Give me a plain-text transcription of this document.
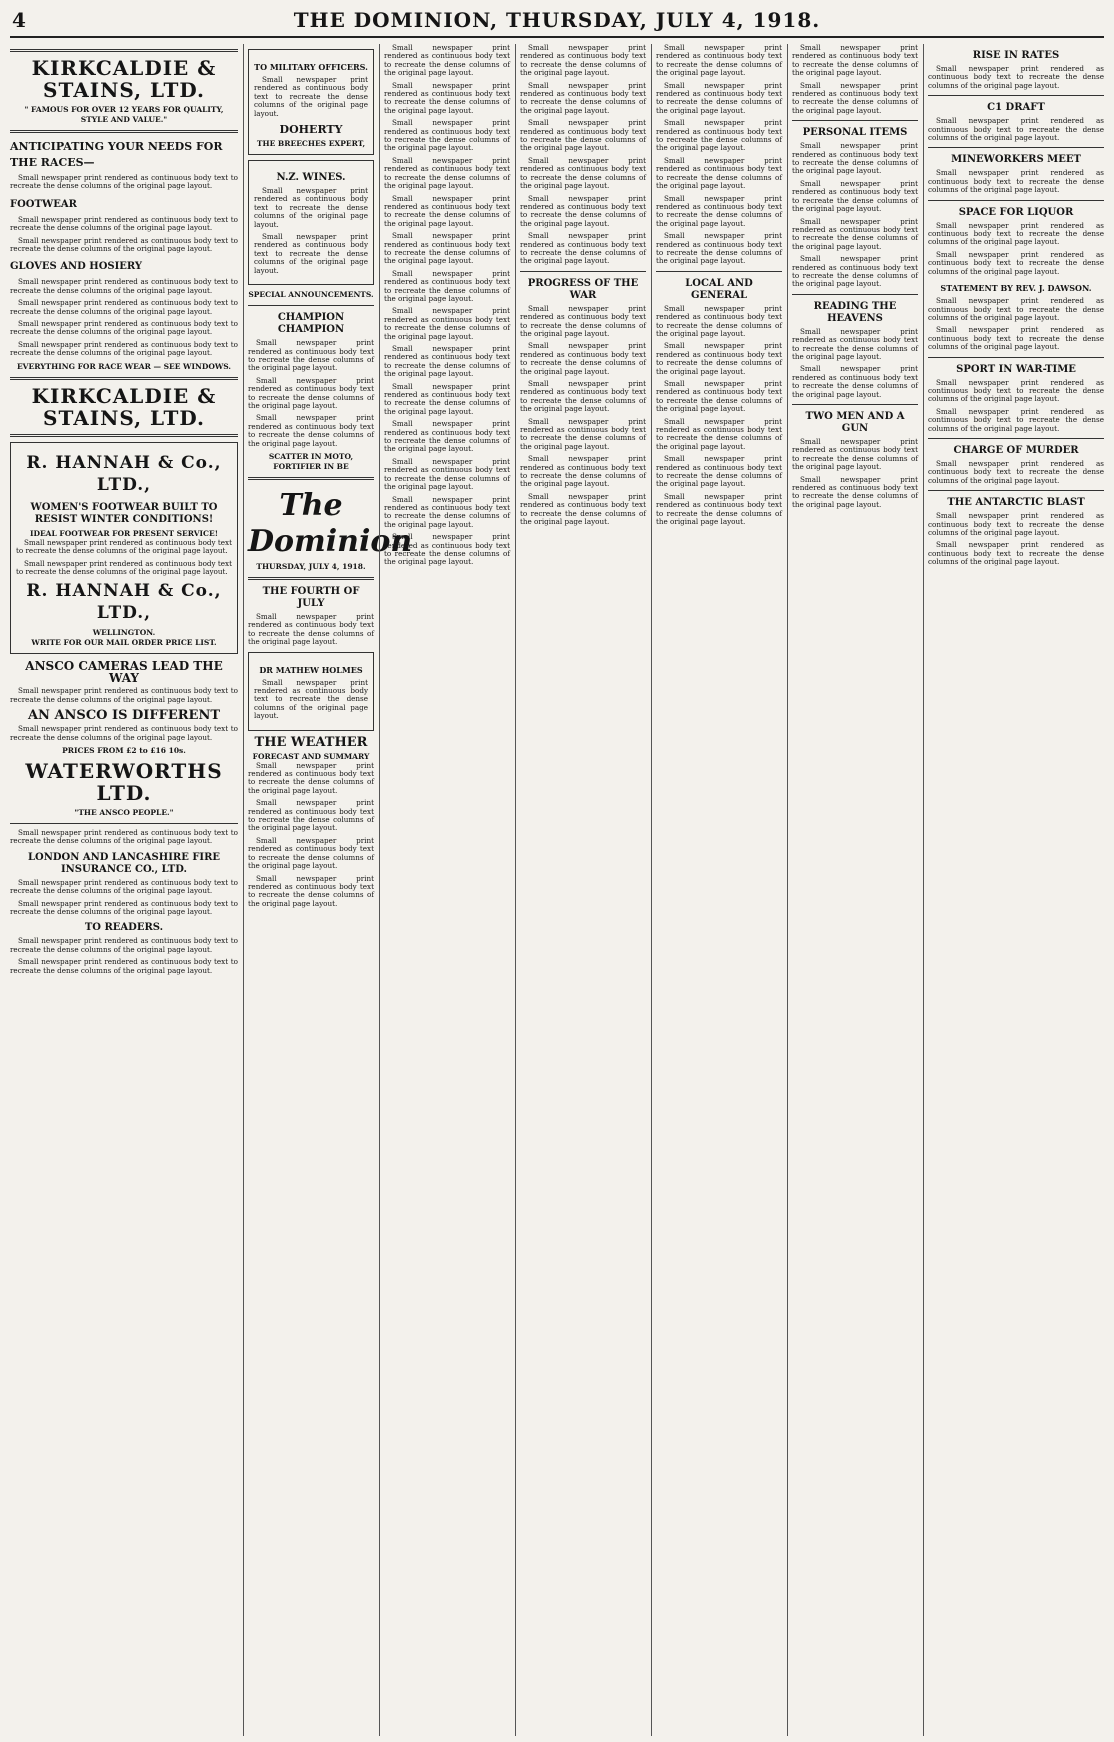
4	THE DOMINION, THURSDAY, JULY 4, 1918.
KIRKCALDIE & STAINS, LTD.
" FAMOUS FOR OVER 12 YEARS FOR QUALITY, STYLE AND VALUE."
ANTICIPATING YOUR NEEDS FOR THE RACES—

Small newspaper print rendered as continuous body text to recreate the dense columns of the original page layout.

FOOTWEAR

Small newspaper print rendered as continuous body text to recreate the dense columns of the original page layout.

Small newspaper print rendered as continuous body text to recreate the dense columns of the original page layout.

GLOVES AND HOSIERY

Small newspaper print rendered as continuous body text to recreate the dense columns of the original page layout.

Small newspaper print rendered as continuous body text to recreate the dense columns of the original page layout.

Small newspaper print rendered as continuous body text to recreate the dense columns of the original page layout.

Small newspaper print rendered as continuous body text to recreate the dense columns of the original page layout.

EVERYTHING FOR RACE WEAR — SEE WINDOWS.
KIRKCALDIE & STAINS, LTD.
R. HANNAH & Co., LTD.,
WOMEN'S FOOTWEAR BUILT TO RESIST WINTER CONDITIONS!
IDEAL FOOTWEAR FOR PRESENT SERVICE!

Small newspaper print rendered as continuous body text to recreate the dense columns of the original page layout.

Small newspaper print rendered as continuous body text to recreate the dense columns of the original page layout.

R. HANNAH & Co., LTD.,
WELLINGTON.
WRITE FOR OUR MAIL ORDER PRICE LIST.
ANSCO CAMERAS LEAD THE WAY

Small newspaper print rendered as continuous body text to recreate the dense columns of the original page layout.

AN ANSCO IS DIFFERENT

Small newspaper print rendered as continuous body text to recreate the dense columns of the original page layout.

PRICES FROM £2 to £16 10s.
WATERWORTHS LTD.
"THE ANSCO PEOPLE."

Small newspaper print rendered as continuous body text to recreate the dense columns of the original page layout.

LONDON AND LANCASHIRE FIRE INSURANCE CO., LTD.

Small newspaper print rendered as continuous body text to recreate the dense columns of the original page layout.

Small newspaper print rendered as continuous body text to recreate the dense columns of the original page layout.

TO READERS.

Small newspaper print rendered as continuous body text to recreate the dense columns of the original page layout.

Small newspaper print rendered as continuous body text to recreate the dense columns of the original page layout.

TO MILITARY OFFICERS.

Small newspaper print rendered as continuous body text to recreate the dense columns of the original page layout.

DOHERTY
THE BREECHES EXPERT,
N.Z. WINES.

Small newspaper print rendered as continuous body text to recreate the dense columns of the original page layout.

Small newspaper print rendered as continuous body text to recreate the dense columns of the original page layout.

SPECIAL ANNOUNCEMENTS.
CHAMPION CHAMPION

Small newspaper print rendered as continuous body text to recreate the dense columns of the original page layout.

Small newspaper print rendered as continuous body text to recreate the dense columns of the original page layout.

Small newspaper print rendered as continuous body text to recreate the dense columns of the original page layout.

SCATTER IN MOTO, FORTIFIER IN BE
The Dominion
THURSDAY, JULY 4, 1918.
THE FOURTH OF JULY

Small newspaper print rendered as continuous body text to recreate the dense columns of the original page layout.

DR MATHEW HOLMES

Small newspaper print rendered as continuous body text to recreate the dense columns of the original page layout.

THE WEATHER
FORECAST AND SUMMARY

Small newspaper print rendered as continuous body text to recreate the dense columns of the original page layout.

Small newspaper print rendered as continuous body text to recreate the dense columns of the original page layout.

Small newspaper print rendered as continuous body text to recreate the dense columns of the original page layout.

Small newspaper print rendered as continuous body text to recreate the dense columns of the original page layout.

Small newspaper print rendered as continuous body text to recreate the dense columns of the original page layout.

Small newspaper print rendered as continuous body text to recreate the dense columns of the original page layout.

Small newspaper print rendered as continuous body text to recreate the dense columns of the original page layout.

Small newspaper print rendered as continuous body text to recreate the dense columns of the original page layout.

Small newspaper print rendered as continuous body text to recreate the dense columns of the original page layout.

Small newspaper print rendered as continuous body text to recreate the dense columns of the original page layout.

Small newspaper print rendered as continuous body text to recreate the dense columns of the original page layout.

Small newspaper print rendered as continuous body text to recreate the dense columns of the original page layout.

Small newspaper print rendered as continuous body text to recreate the dense columns of the original page layout.

Small newspaper print rendered as continuous body text to recreate the dense columns of the original page layout.

Small newspaper print rendered as continuous body text to recreate the dense columns of the original page layout.

Small newspaper print rendered as continuous body text to recreate the dense columns of the original page layout.

Small newspaper print rendered as continuous body text to recreate the dense columns of the original page layout.

Small newspaper print rendered as continuous body text to recreate the dense columns of the original page layout.

Small newspaper print rendered as continuous body text to recreate the dense columns of the original page layout.

Small newspaper print rendered as continuous body text to recreate the dense columns of the original page layout.

Small newspaper print rendered as continuous body text to recreate the dense columns of the original page layout.

Small newspaper print rendered as continuous body text to recreate the dense columns of the original page layout.

Small newspaper print rendered as continuous body text to recreate the dense columns of the original page layout.

Small newspaper print rendered as continuous body text to recreate the dense columns of the original page layout.

PROGRESS OF THE WAR

Small newspaper print rendered as continuous body text to recreate the dense columns of the original page layout.

Small newspaper print rendered as continuous body text to recreate the dense columns of the original page layout.

Small newspaper print rendered as continuous body text to recreate the dense columns of the original page layout.

Small newspaper print rendered as continuous body text to recreate the dense columns of the original page layout.

Small newspaper print rendered as continuous body text to recreate the dense columns of the original page layout.

Small newspaper print rendered as continuous body text to recreate the dense columns of the original page layout.

Small newspaper print rendered as continuous body text to recreate the dense columns of the original page layout.

Small newspaper print rendered as continuous body text to recreate the dense columns of the original page layout.

Small newspaper print rendered as continuous body text to recreate the dense columns of the original page layout.

Small newspaper print rendered as continuous body text to recreate the dense columns of the original page layout.

Small newspaper print rendered as continuous body text to recreate the dense columns of the original page layout.

Small newspaper print rendered as continuous body text to recreate the dense columns of the original page layout.

LOCAL AND GENERAL

Small newspaper print rendered as continuous body text to recreate the dense columns of the original page layout.

Small newspaper print rendered as continuous body text to recreate the dense columns of the original page layout.

Small newspaper print rendered as continuous body text to recreate the dense columns of the original page layout.

Small newspaper print rendered as continuous body text to recreate the dense columns of the original page layout.

Small newspaper print rendered as continuous body text to recreate the dense columns of the original page layout.

Small newspaper print rendered as continuous body text to recreate the dense columns of the original page layout.

Small newspaper print rendered as continuous body text to recreate the dense columns of the original page layout.

Small newspaper print rendered as continuous body text to recreate the dense columns of the original page layout.

PERSONAL ITEMS

Small newspaper print rendered as continuous body text to recreate the dense columns of the original page layout.

Small newspaper print rendered as continuous body text to recreate the dense columns of the original page layout.

Small newspaper print rendered as continuous body text to recreate the dense columns of the original page layout.

Small newspaper print rendered as continuous body text to recreate the dense columns of the original page layout.

READING THE HEAVENS

Small newspaper print rendered as continuous body text to recreate the dense columns of the original page layout.

Small newspaper print rendered as continuous body text to recreate the dense columns of the original page layout.

TWO MEN AND A GUN

Small newspaper print rendered as continuous body text to recreate the dense columns of the original page layout.

Small newspaper print rendered as continuous body text to recreate the dense columns of the original page layout.

RISE IN RATES

Small newspaper print rendered as continuous body text to recreate the dense columns of the original page layout.

C1 DRAFT

Small newspaper print rendered as continuous body text to recreate the dense columns of the original page layout.

MINEWORKERS MEET

Small newspaper print rendered as continuous body text to recreate the dense columns of the original page layout.

SPACE FOR LIQUOR

Small newspaper print rendered as continuous body text to recreate the dense columns of the original page layout.

Small newspaper print rendered as continuous body text to recreate the dense columns of the original page layout.

STATEMENT BY REV. J. DAWSON.

Small newspaper print rendered as continuous body text to recreate the dense columns of the original page layout.

Small newspaper print rendered as continuous body text to recreate the dense columns of the original page layout.

SPORT IN WAR-TIME

Small newspaper print rendered as continuous body text to recreate the dense columns of the original page layout.

Small newspaper print rendered as continuous body text to recreate the dense columns of the original page layout.

CHARGE OF MURDER

Small newspaper print rendered as continuous body text to recreate the dense columns of the original page layout.

THE ANTARCTIC BLAST

Small newspaper print rendered as continuous body text to recreate the dense columns of the original page layout.

Small newspaper print rendered as continuous body text to recreate the dense columns of the original page layout.
